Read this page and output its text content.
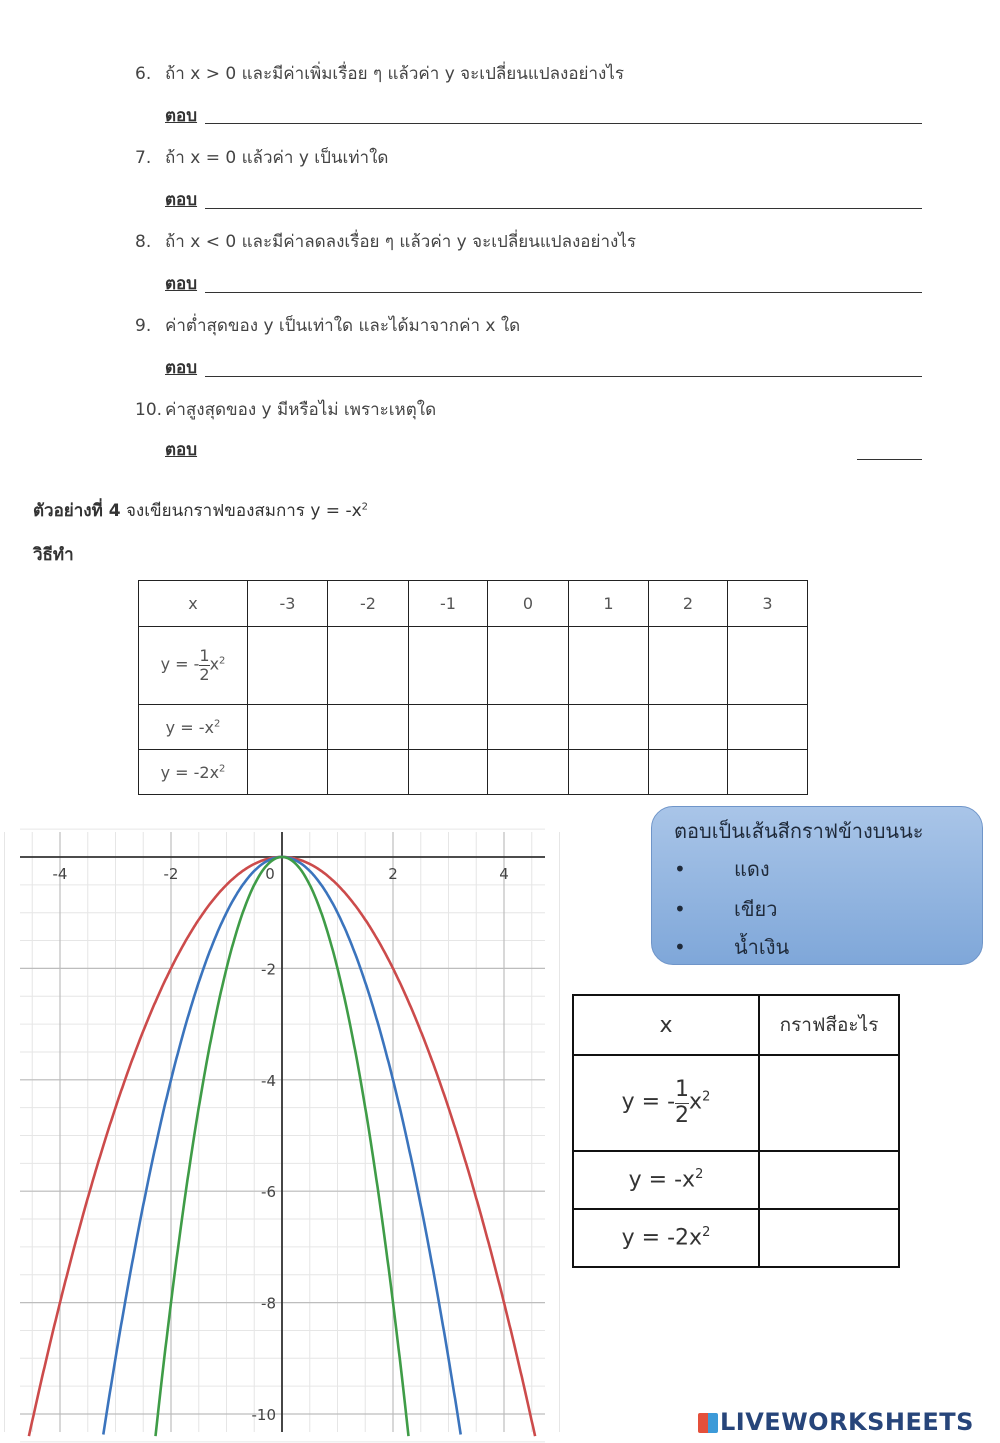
6. ถ้า x > 0 และมีค่าเพิ่มเรื่อย ๆ แล้วค่า y จะเปลี่ยนแปลงอย่างไร
ตอบ
7. ถ้า x = 0 แล้วค่า y เป็นเท่าใด
ตอบ
8. ถ้า x < 0 และมีค่าลดลงเรื่อย ๆ แล้วค่า y จะเปลี่ยนแปลงอย่างไร
ตอบ
9. ค่าต่ำสุดของ y เป็นเท่าใด และได้มาจากค่า x ใด
ตอบ
10. ค่าสูงสุดของ y มีหรือไม่ เพราะเหตุใด
ตอบ
ตัวอย่างที่ 4 จงเขียนกราฟของสมการ $y = -x^2$
วิธีทำ
x	-3	-2	-1	0	1	2	3
y = - $\frac{1}{2} x^2$							
$y = -x^2$							
$y = -2x^2$							
-4	-2	0	2	4
-2
-4
-6
-8
-10
ตอบเป็นเส้นสีกราฟข้างบนนะ
• แดง
• เขียว
• น้ำเงิน
x	กราฟสีอะไร
y = - $\frac{1}{2} x^2$	
$y = -x^2$	
$y = -2x^2$	
LIVEWORKSHEETS
